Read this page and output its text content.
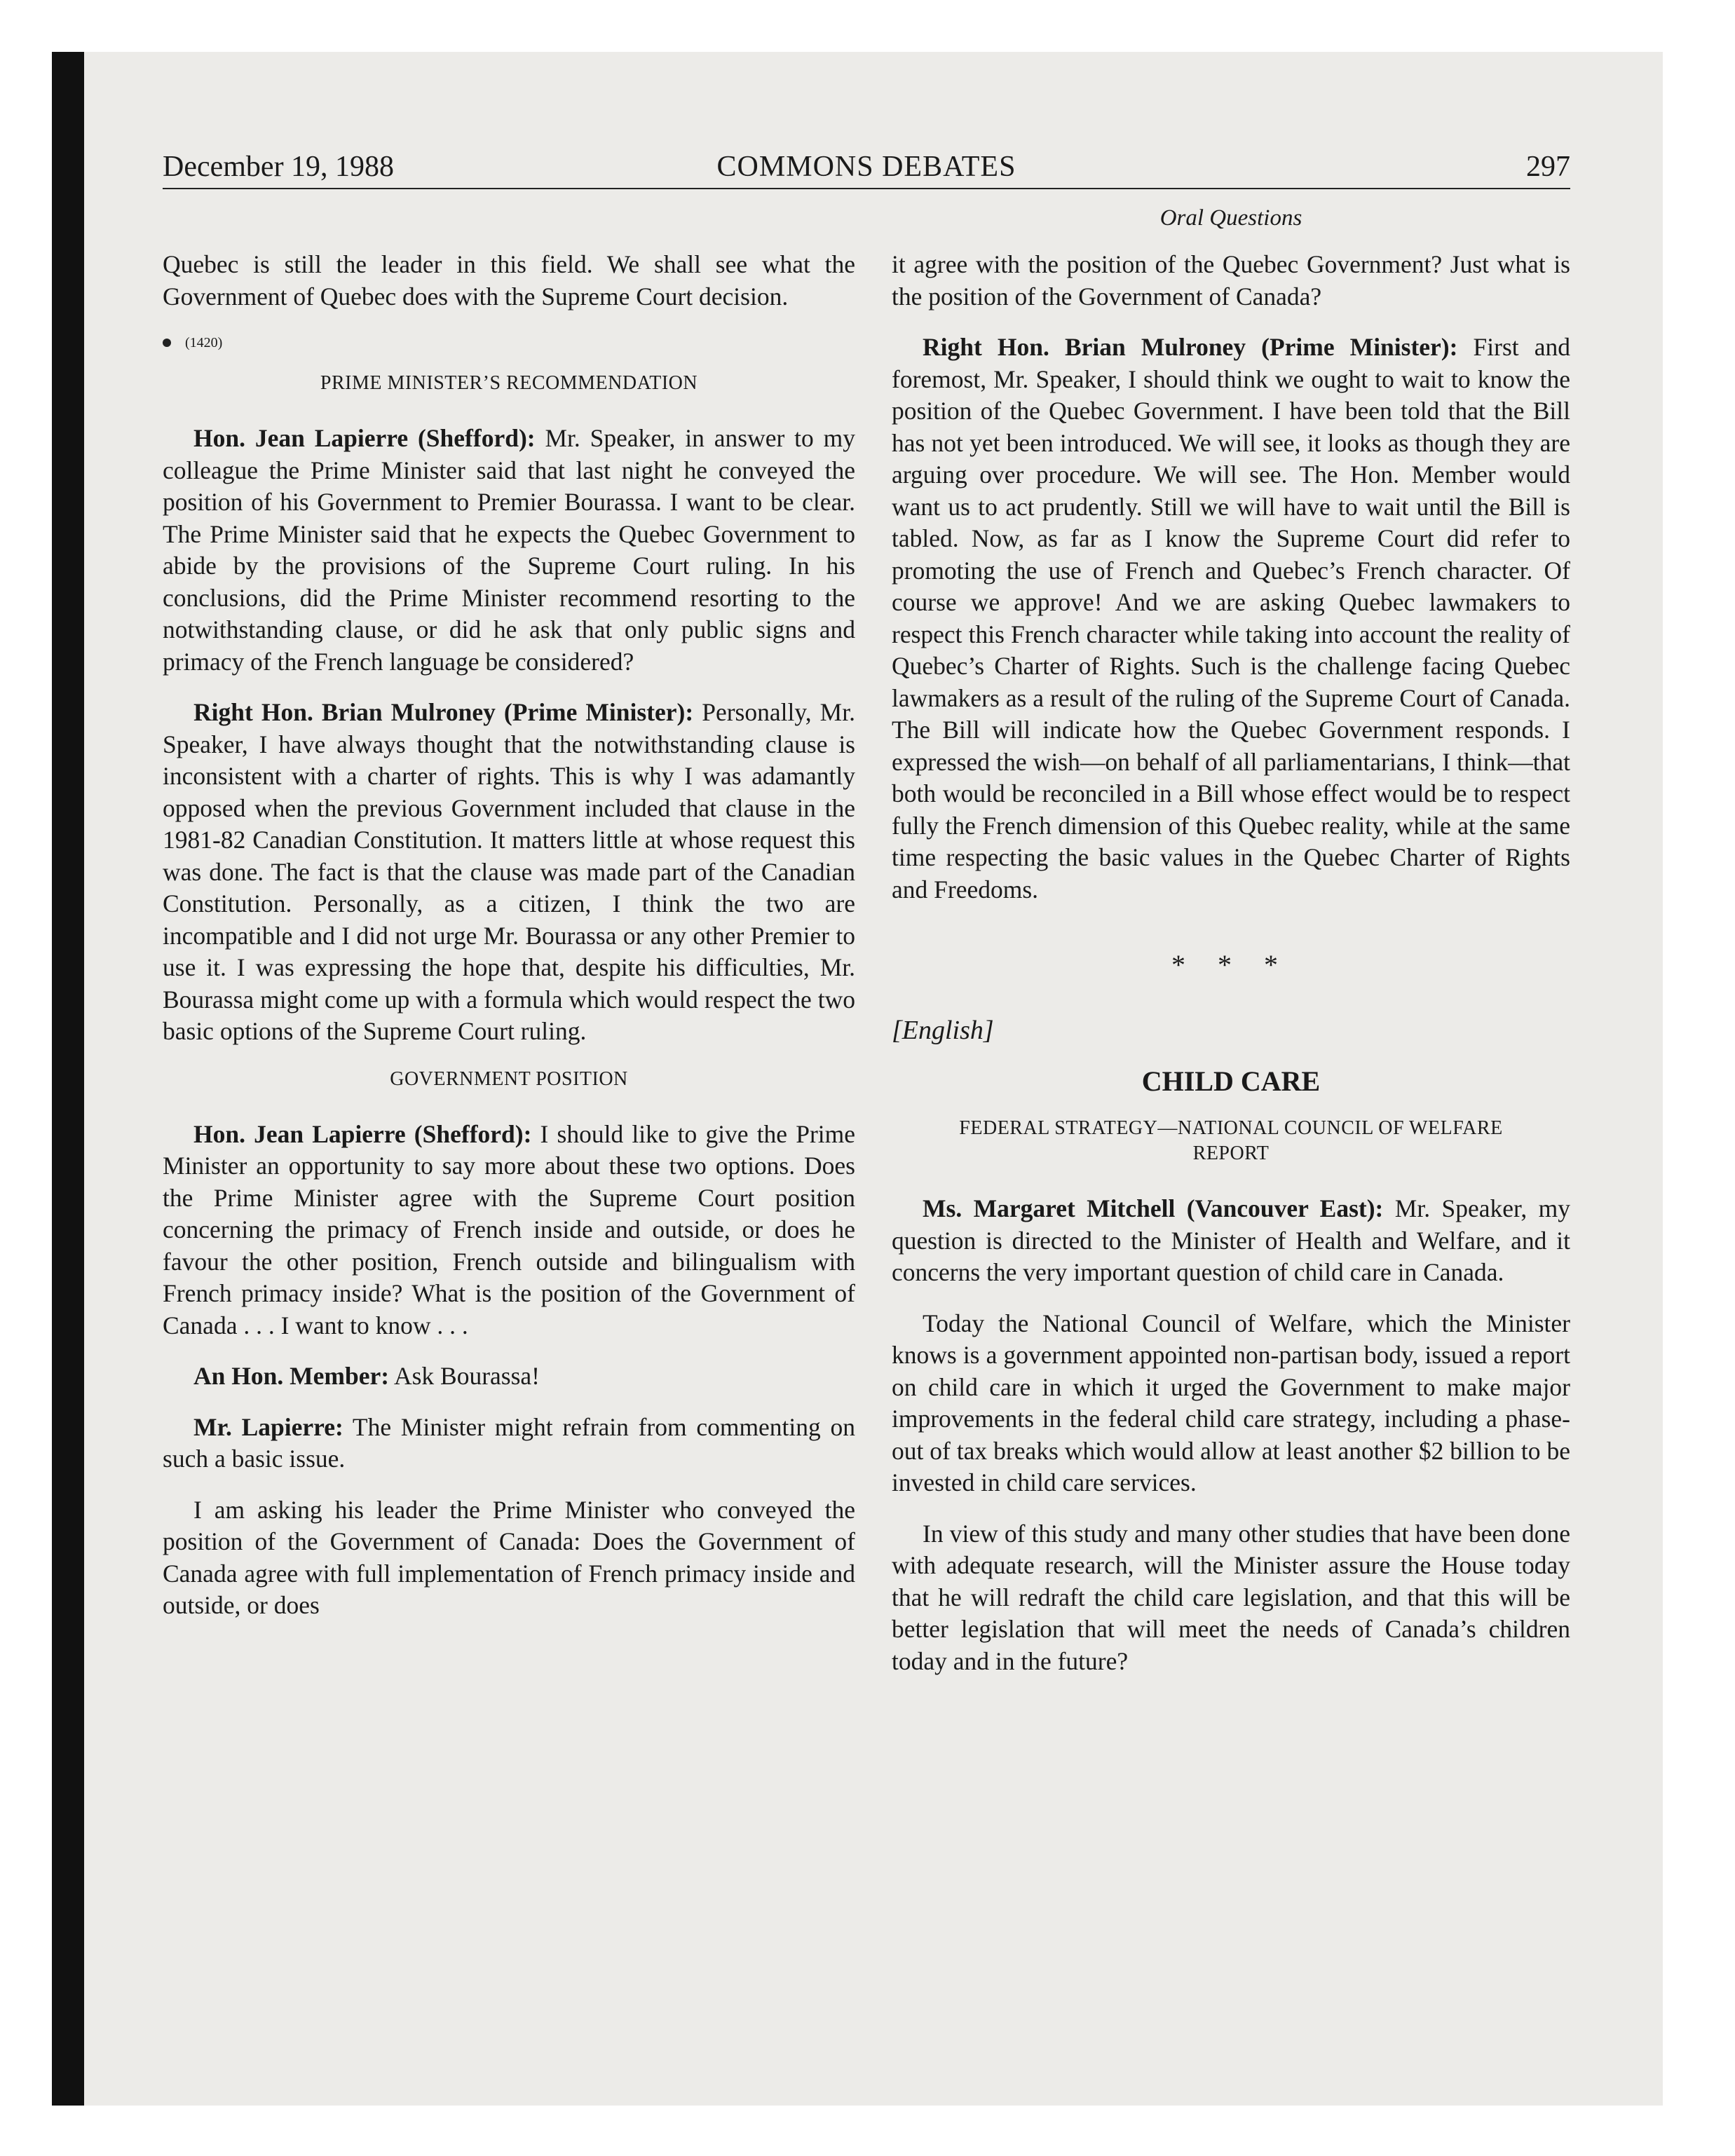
December 19, 1988	COMMONS DEBATES	297
Oral Questions

Quebec is still the leader in this field. We shall see what the Government of Quebec does with the Supreme Court decision.

(1420)
PRIME MINISTER’S RECOMMENDATION

Hon. Jean Lapierre (Shefford): Mr. Speaker, in answer to my colleague the Prime Minister said that last night he conveyed the position of his Government to Premier Bourassa. I want to be clear. The Prime Minister said that he expects the Quebec Government to abide by the provisions of the Supreme Court ruling. In his conclusions, did the Prime Minister recommend resorting to the notwithstanding clause, or did he ask that only public signs and primacy of the French language be considered?

Right Hon. Brian Mulroney (Prime Minister): Personally, Mr. Speaker, I have always thought that the notwithstanding clause is inconsistent with a charter of rights. This is why I was adamantly opposed when the previous Government included that clause in the 1981-82 Canadian Constitution. It matters little at whose request this was done. The fact is that the clause was made part of the Canadian Constitution. Personally, as a citizen, I think the two are incompatible and I did not urge Mr. Bourassa or any other Premier to use it. I was expressing the hope that, despite his difficulties, Mr. Bourassa might come up with a formula which would respect the two basic options of the Supreme Court ruling.

GOVERNMENT POSITION

Hon. Jean Lapierre (Shefford): I should like to give the Prime Minister an opportunity to say more about these two options. Does the Prime Minister agree with the Supreme Court position concerning the primacy of French inside and outside, or does he favour the other position, French outside and bilingualism with French primacy inside? What is the position of the Government of Canada . . . I want to know . . .

An Hon. Member: Ask Bourassa!

Mr. Lapierre: The Minister might refrain from commenting on such a basic issue.

I am asking his leader the Prime Minister who conveyed the position of the Government of Canada: Does the Government of Canada agree with full implementation of French primacy inside and outside, or does

it agree with the position of the Quebec Government? Just what is the position of the Government of Canada?

Right Hon. Brian Mulroney (Prime Minister): First and foremost, Mr. Speaker, I should think we ought to wait to know the position of the Quebec Government. I have been told that the Bill has not yet been introduced. We will see, it looks as though they are arguing over procedure. We will see. The Hon. Member would want us to act prudently. Still we will have to wait until the Bill is tabled. Now, as far as I know the Supreme Court did refer to promoting the use of French and Quebec’s French character. Of course we approve! And we are asking Quebec lawmakers to respect this French character while taking into account the reality of Quebec’s Charter of Rights. Such is the challenge facing Quebec lawmakers as a result of the ruling of the Supreme Court of Canada. The Bill will indicate how the Quebec Government responds. I expressed the wish—on behalf of all parliamentarians, I think—that both would be reconciled in a Bill whose effect would be to respect fully the French dimension of this Quebec reality, while at the same time respecting the basic values in the Quebec Charter of Rights and Freedoms.

* * *
[English]
CHILD CARE
FEDERAL STRATEGY—NATIONAL COUNCIL OF WELFARE REPORT

Ms. Margaret Mitchell (Vancouver East): Mr. Speaker, my question is directed to the Minister of Health and Welfare, and it concerns the very important question of child care in Canada.

Today the National Council of Welfare, which the Minister knows is a government appointed non-partisan body, issued a report on child care in which it urged the Government to make major improvements in the federal child care strategy, including a phase-out of tax breaks which would allow at least another $2 billion to be invested in child care services.

In view of this study and many other studies that have been done with adequate research, will the Minister assure the House today that he will redraft the child care legislation, and that this will be better legislation that will meet the needs of Canada’s children today and in the future?
